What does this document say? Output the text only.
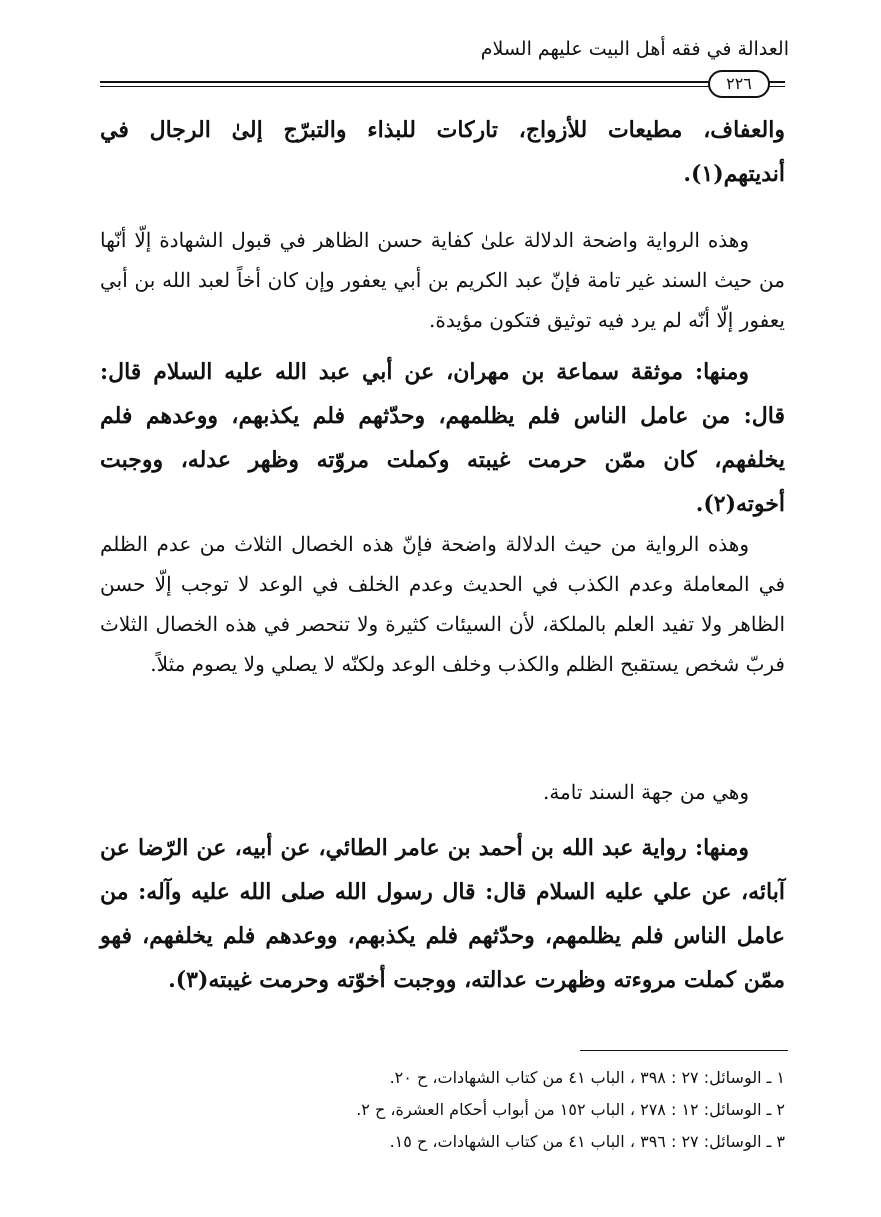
العدالة في فقه أهل البيت عليهم السلام
٢٢٦
والعفاف، مطيعات للأزواج، تاركات للبذاء والتبرّج إلىٰ الرجال في أنديتهم(١).
وهذه الرواية واضحة الدلالة علىٰ كفاية حسن الظاهر في قبول الشهادة إلّا أنّها من حيث السند غير تامة فإنّ عبد الكريم بن أبي يعفور وإن كان أخاً لعبد الله بن أبي يعفور إلّا أنّه لم يرد فيه توثيق فتكون مؤيدة.
ومنها: موثقة سماعة بن مهران، عن أبي عبد الله عليه السلام قال: قال: من عامل الناس فلم يظلمهم، وحدّثهم فلم يكذبهم، ووعدهم فلم يخلفهم، كان ممّن حرمت غيبته وكملت مروّته وظهر عدله، ووجبت أخوته(٢).
وهذه الرواية من حيث الدلالة واضحة فإنّ هذه الخصال الثلاث من عدم الظلم في المعاملة وعدم الكذب في الحديث وعدم الخلف في الوعد لا توجب إلّا حسن الظاهر ولا تفيد العلم بالملكة، لأن السيئات كثيرة ولا تنحصر في هذه الخصال الثلاث فربّ شخص يستقبح الظلم والكذب وخلف الوعد ولكنّه لا يصلي ولا يصوم مثلاً.
وهي من جهة السند تامة.
ومنها: رواية عبد الله بن أحمد بن عامر الطائي، عن أبيه، عن الرّضا عن آبائه، عن علي عليه السلام قال: قال رسول الله صلى الله عليه وآله: من عامل الناس فلم يظلمهم، وحدّثهم فلم يكذبهم، ووعدهم فلم يخلفهم، فهو ممّن كملت مروءته وظهرت عدالته، ووجبت أخوّته وحرمت غيبته(٣).
١ ـ الوسائل: ٢٧ : ٣٩٨ ، الباب ٤١ من كتاب الشهادات، ح ٢٠.
٢ ـ الوسائل: ١٢ : ٢٧٨ ، الباب ١٥٢ من أبواب أحكام العشرة، ح ٢.
٣ ـ الوسائل: ٢٧ : ٣٩٦ ، الباب ٤١ من كتاب الشهادات، ح ١٥.
